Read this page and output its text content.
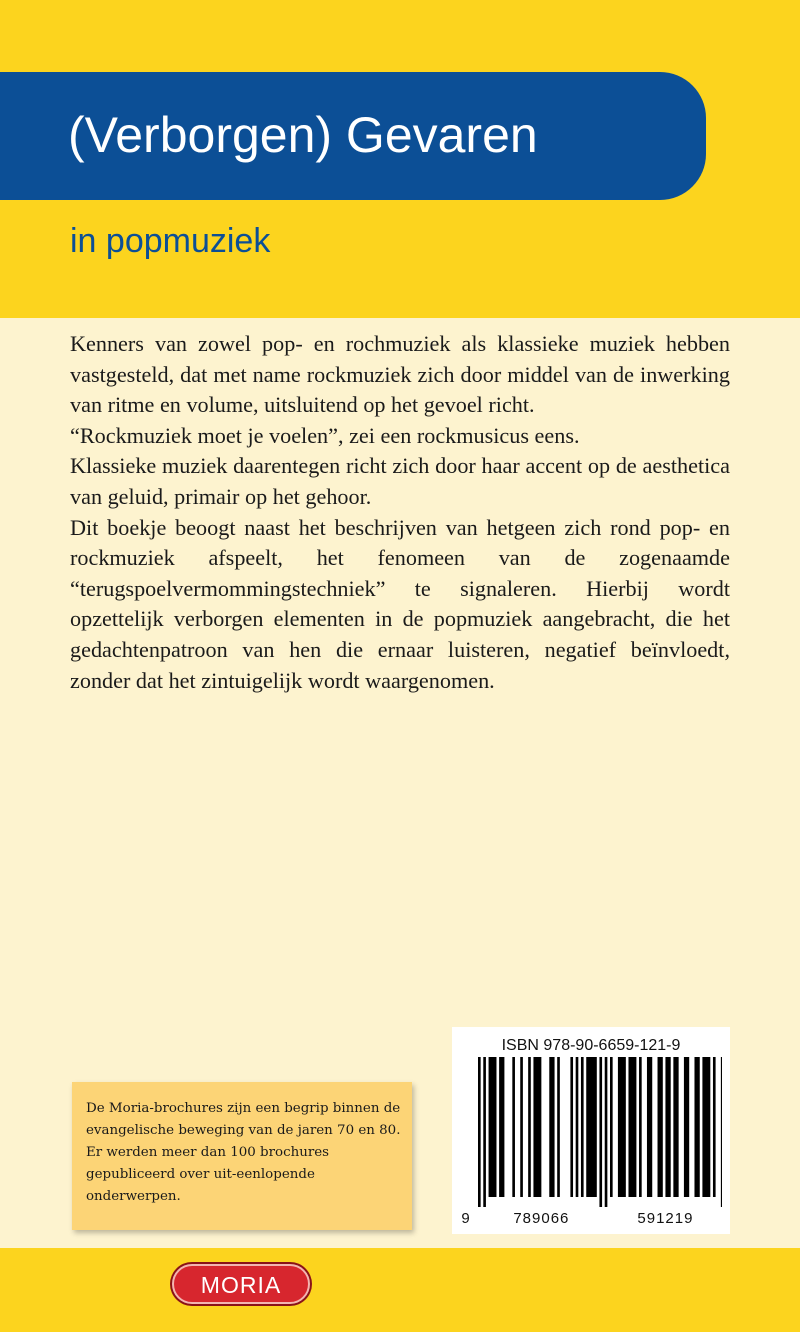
(Verborgen) Gevaren
in popmuziek

Kenners van zowel pop- en rochmuziek als klassieke muziek hebben vastgesteld, dat met name rockmuziek zich door middel van de inwerking van ritme en volume, uitsluitend op het gevoel richt.

“Rockmuziek moet je voelen”, zei een rockmusicus eens.

Klassieke muziek daarentegen richt zich door haar accent op de aesthetica van geluid, primair op het gehoor.

Dit boekje beoogt naast het beschrijven van hetgeen zich rond pop- en rockmuziek afspeelt, het fenomeen van de zogenaamde “terugspoelvermommingstechniek” te signaleren. Hierbij wordt opzettelijk verborgen elementen in de popmuziek aangebracht, die het gedachtenpatroon van hen die ernaar luisteren, negatief beïnvloedt, zonder dat het zintuigelijk wordt waargenomen.

De Moria-brochures zijn een begrip binnen de evangelische beweging van de jaren 70 en 80. Er werden meer dan 100 brochures gepubliceerd over uit-eenlopende onderwerpen.
ISBN 978-90-6659-121-9
9	789066	591219
MORIA
